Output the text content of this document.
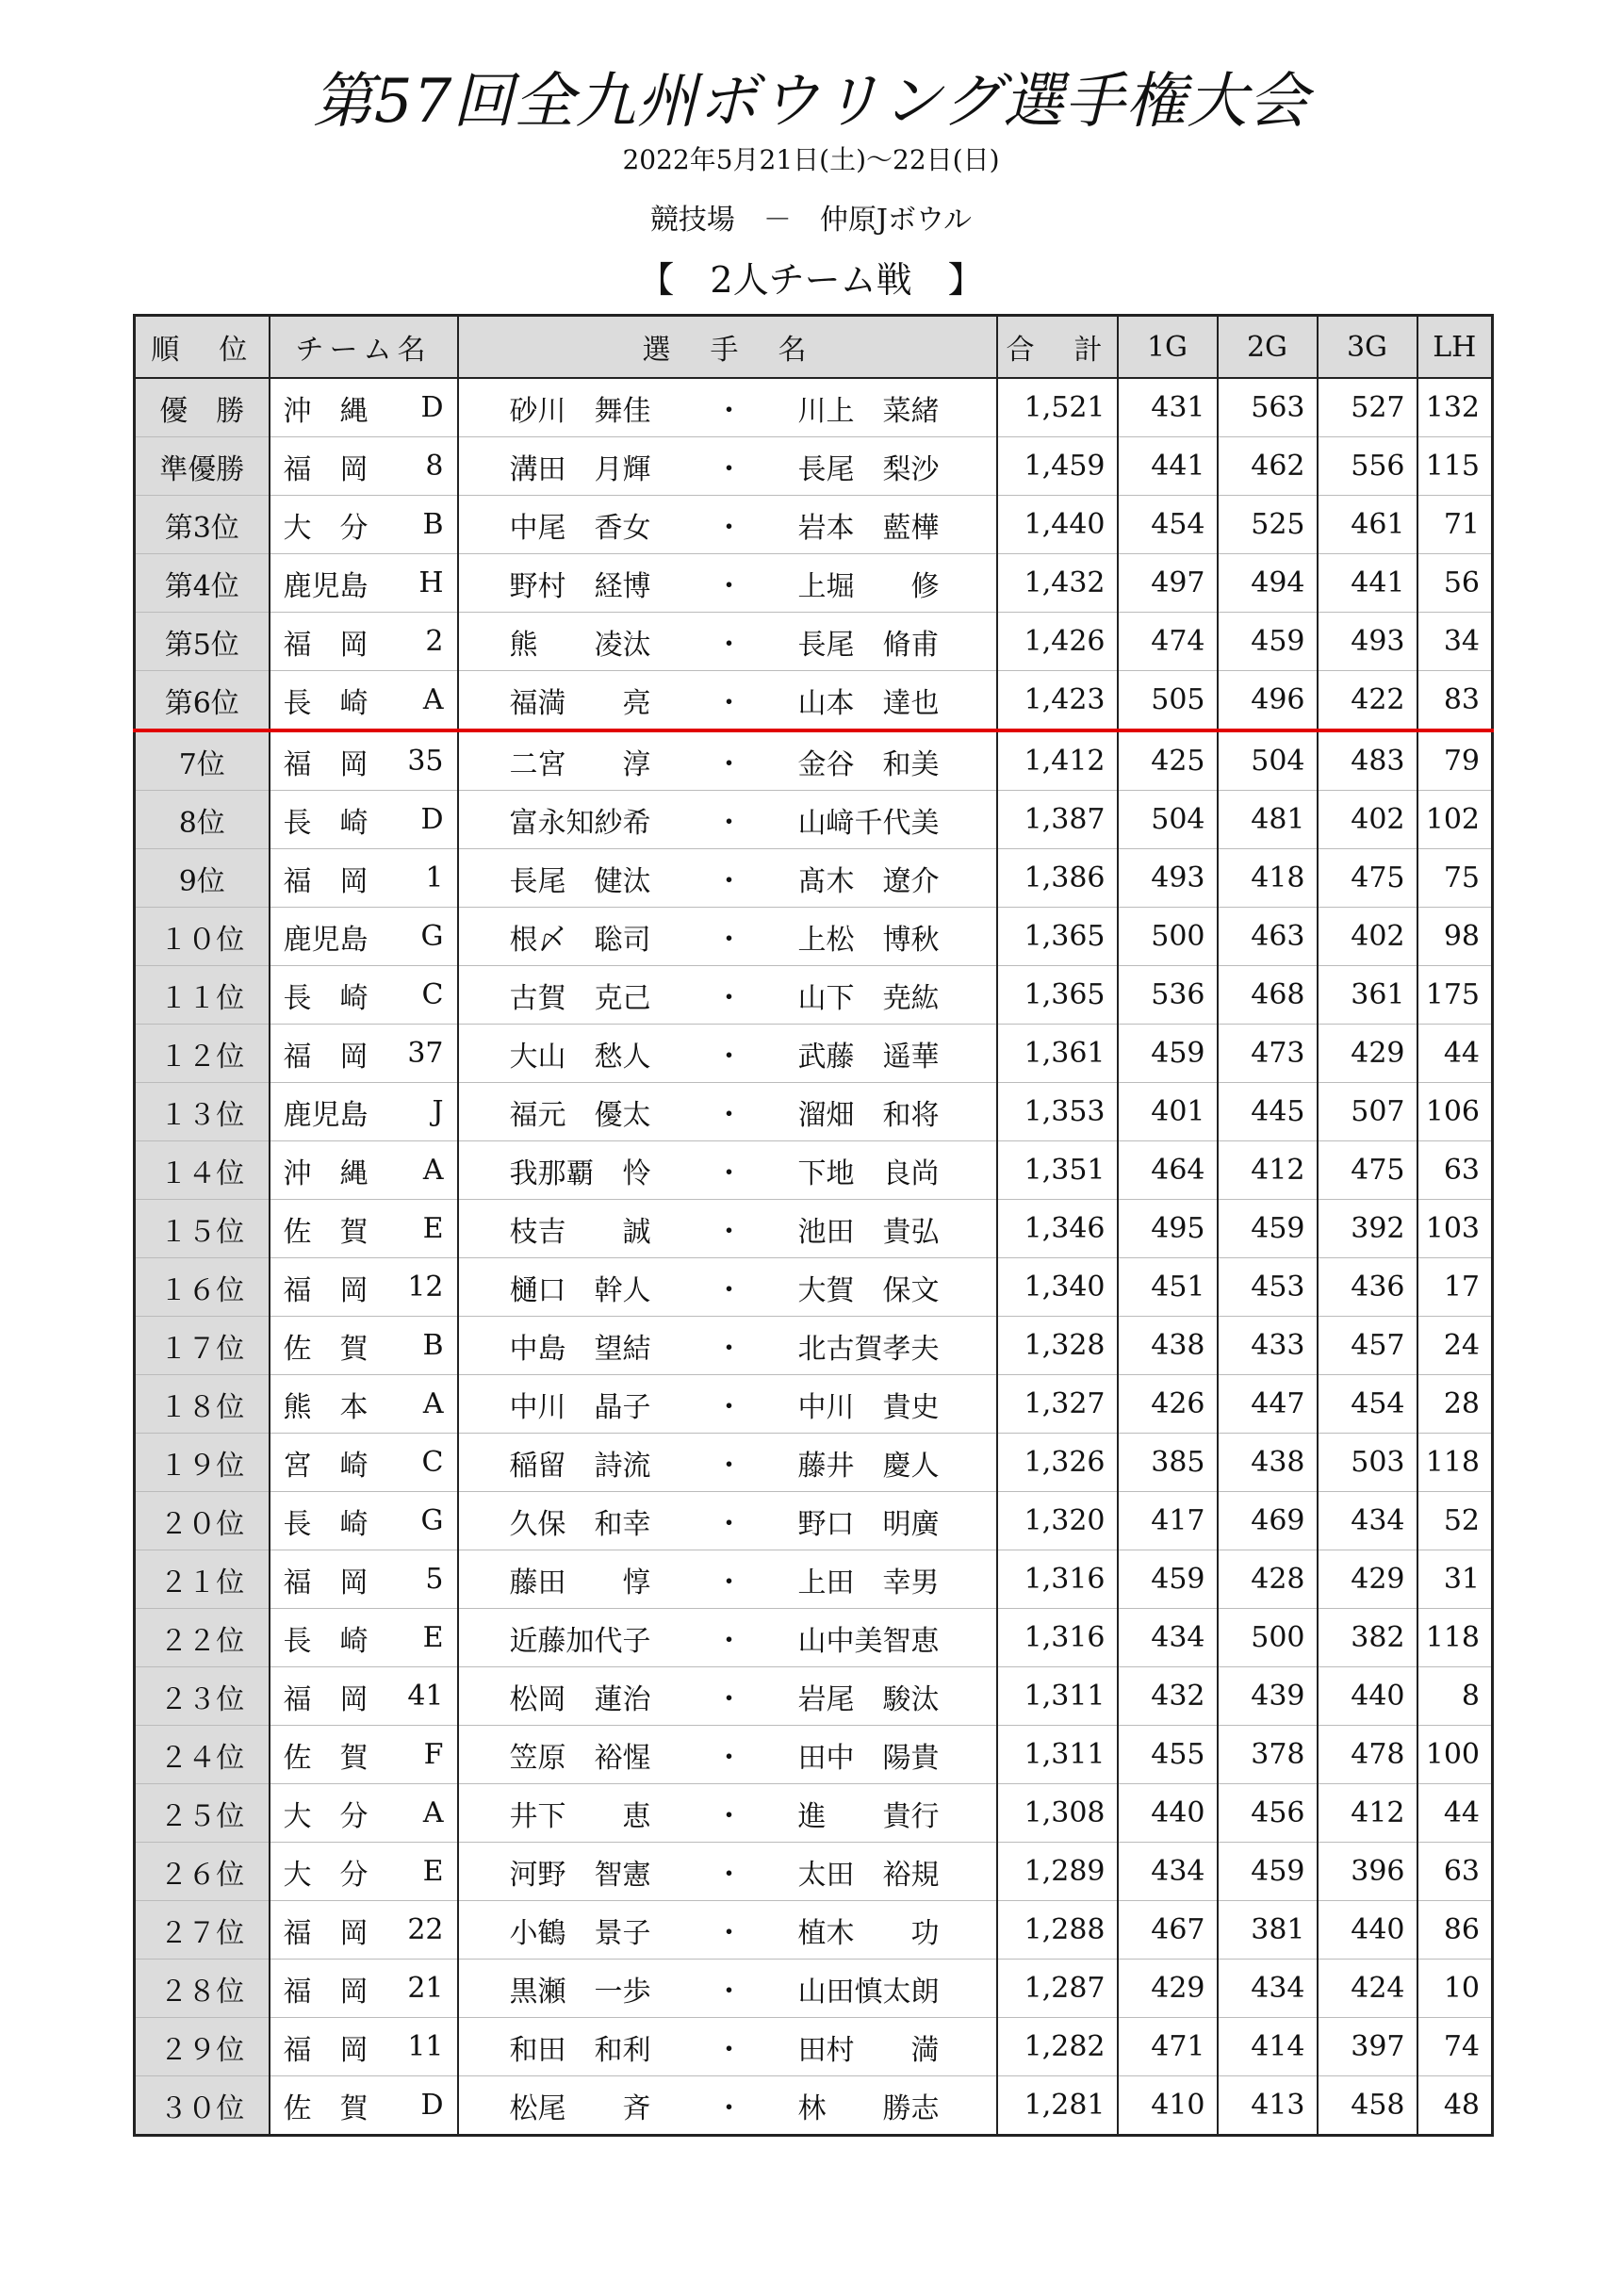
第57回全九州ボウリング選手権大会
2022年5月21日(土)～22日(日)
競技場　－　仲原Jボウル
【　2人チーム戦　】
順　位	チーム名	選　手　名	合　計	1G	2G	3G	LH
優　勝	沖　縄 D	砂川　舞佳 ・ 川上　菜緒	1,521	431	563	527	132
準優勝	福　岡 8	溝田　月輝 ・ 長尾　梨沙	1,459	441	462	556	115
第3位	大　分 B	中尾　香女 ・ 岩本　藍樺	1,440	454	525	461	71
第4位	鹿児島 H	野村　経博 ・ 上堀　　修	1,432	497	494	441	56
第5位	福　岡 2	熊　　凌汰 ・ 長尾　脩甫	1,426	474	459	493	34
第6位	長　崎 A	福満　　亮 ・ 山本　達也	1,423	505	496	422	83
7位	福　岡 35	二宮　　淳 ・ 金谷　和美	1,412	425	504	483	79
8位	長　崎 D	富永知紗希 ・ 山﨑千代美	1,387	504	481	402	102
9位	福　岡 1	長尾　健汰 ・ 髙木　遼介	1,386	493	418	475	75
１０位	鹿児島 G	根〆　聡司 ・ 上松　博秋	1,365	500	463	402	98
１１位	長　崎 C	古賀　克己 ・ 山下　尭紘	1,365	536	468	361	175
１２位	福　岡 37	大山　愁人 ・ 武藤　遥華	1,361	459	473	429	44
１３位	鹿児島 J	福元　優太 ・ 溜畑　和将	1,353	401	445	507	106
１４位	沖　縄 A	我那覇　怜 ・ 下地　良尚	1,351	464	412	475	63
１５位	佐　賀 E	枝吉　　誠 ・ 池田　貴弘	1,346	495	459	392	103
１６位	福　岡 12	樋口　幹人 ・ 大賀　保文	1,340	451	453	436	17
１７位	佐　賀 B	中島　望結 ・ 北古賀孝夫	1,328	438	433	457	24
１８位	熊　本 A	中川　晶子 ・ 中川　貴史	1,327	426	447	454	28
１９位	宮　崎 C	稲留　詩流 ・ 藤井　慶人	1,326	385	438	503	118
２０位	長　崎 G	久保　和幸 ・ 野口　明廣	1,320	417	469	434	52
２１位	福　岡 5	藤田　　惇 ・ 上田　幸男	1,316	459	428	429	31
２２位	長　崎 E	近藤加代子 ・ 山中美智恵	1,316	434	500	382	118
２３位	福　岡 41	松岡　蓮治 ・ 岩尾　駿汰	1,311	432	439	440	8
２４位	佐　賀 F	笠原　裕惺 ・ 田中　陽貴	1,311	455	378	478	100
２５位	大　分 A	井下　　恵 ・ 進　　貴行	1,308	440	456	412	44
２６位	大　分 E	河野　智憲 ・ 太田　裕規	1,289	434	459	396	63
２７位	福　岡 22	小鶴　景子 ・ 植木　　功	1,288	467	381	440	86
２８位	福　岡 21	黒瀬　一歩 ・ 山田慎太朗	1,287	429	434	424	10
２９位	福　岡 11	和田　和利 ・ 田村　　満	1,282	471	414	397	74
３０位	佐　賀 D	松尾　　斉 ・ 林　　勝志	1,281	410	413	458	48
